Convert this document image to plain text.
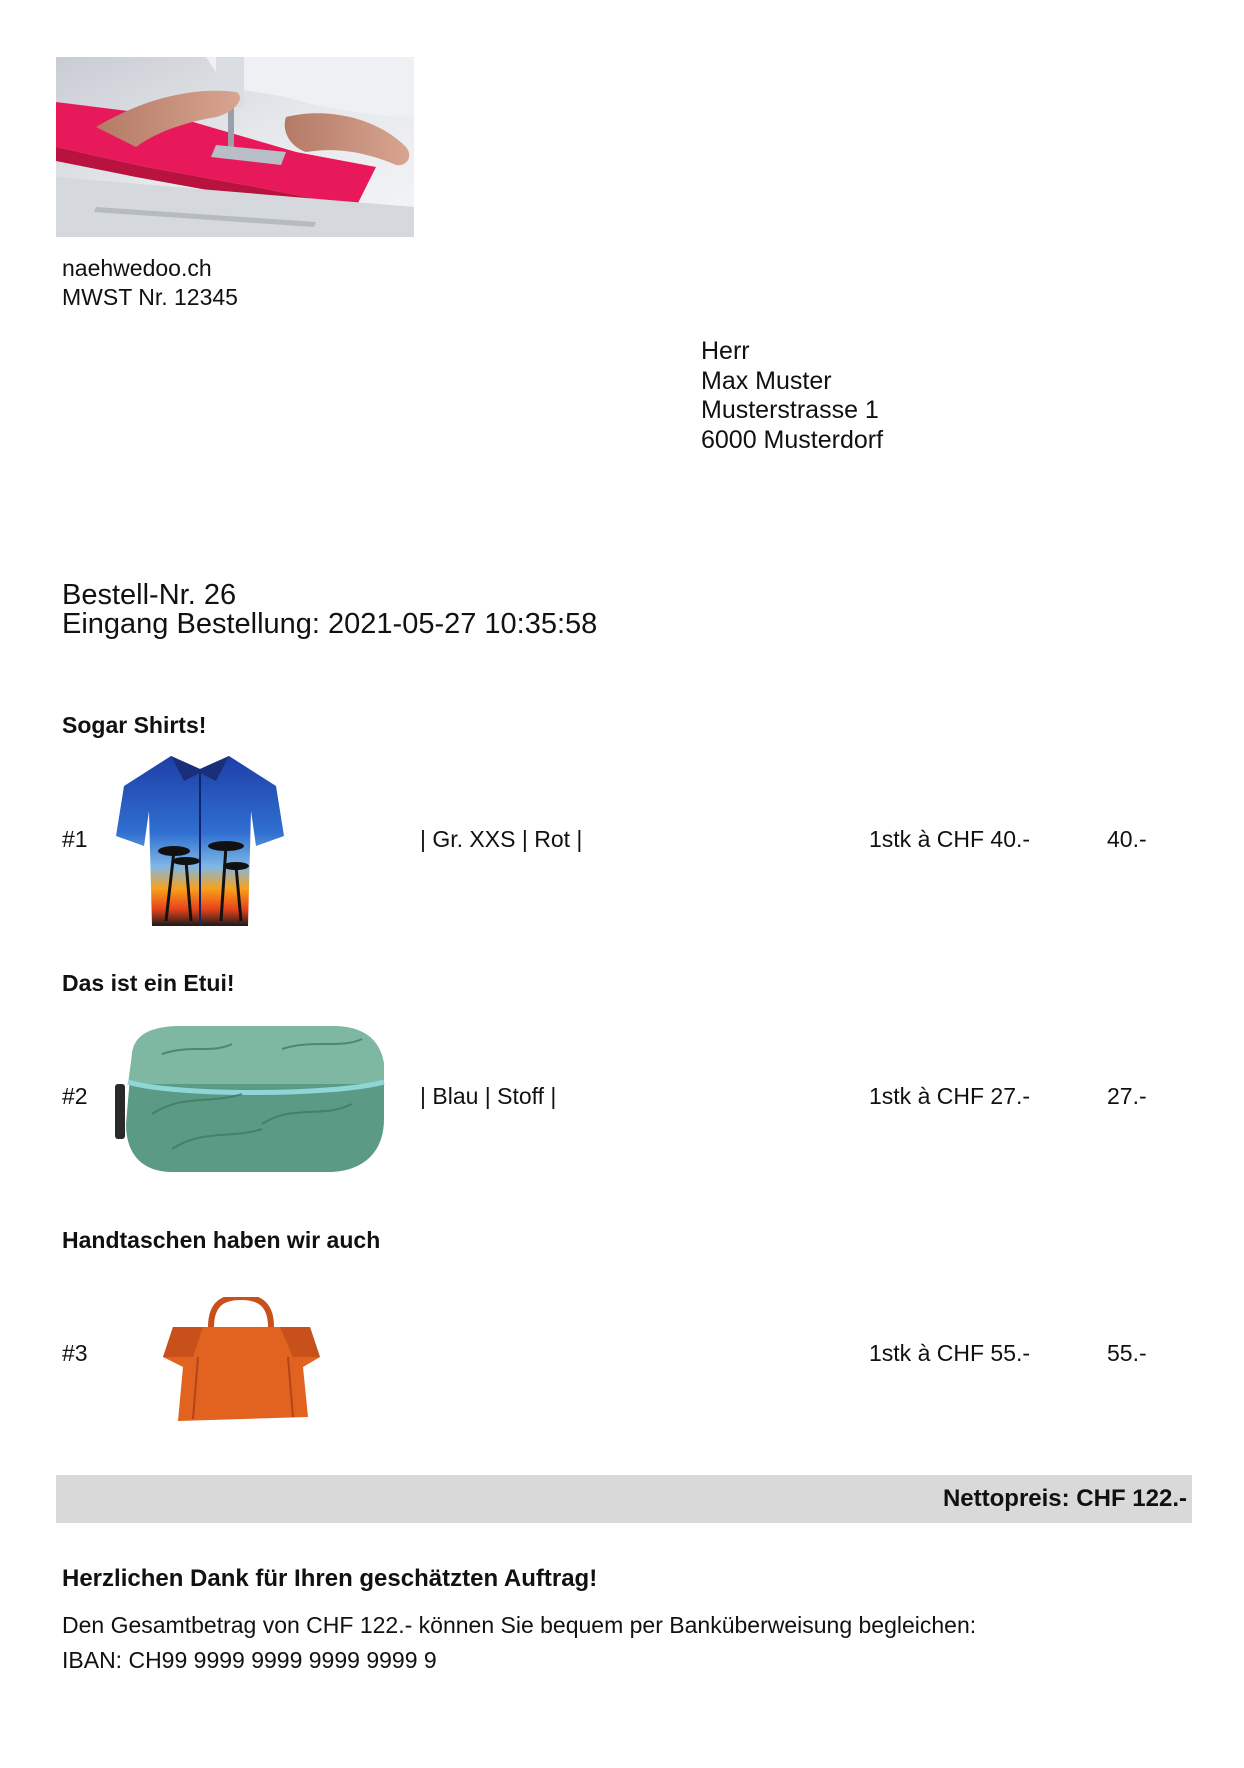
naehwedoo.ch
MWST Nr. 12345
Herr
Max Muster
Musterstrasse 1
6000 Musterdorf
Bestell-Nr. 26
Eingang Bestellung: 2021-05-27 10:35:58
Sogar Shirts!
#1	| Gr. XXS | Rot |	1stk à CHF 40.-	40.-
Das ist ein Etui!
#2	| Blau | Stoff |	1stk à CHF 27.-	27.-
Handtaschen haben wir auch
#3	1stk à CHF 55.-	55.-
Nettopreis: CHF 122.-
Herzlichen Dank für Ihren geschätzten Auftrag!
Den Gesamtbetrag von CHF 122.- können Sie bequem per Banküberweisung begleichen:
IBAN: CH99 9999 9999 9999 9999 9
